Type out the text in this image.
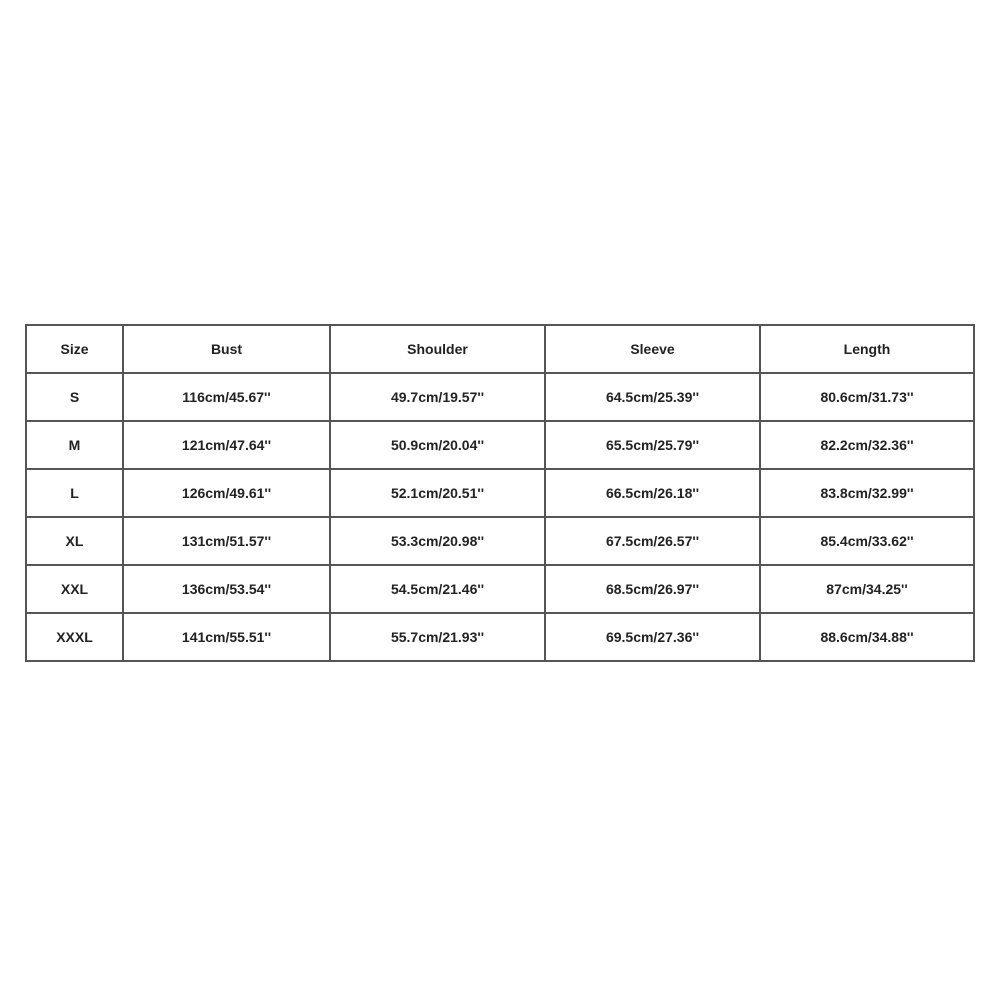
Size	Bust	Shoulder	Sleeve	Length
S	116cm/45.67''	49.7cm/19.57''	64.5cm/25.39''	80.6cm/31.73''
M	121cm/47.64''	50.9cm/20.04''	65.5cm/25.79''	82.2cm/32.36''
L	126cm/49.61''	52.1cm/20.51''	66.5cm/26.18''	83.8cm/32.99''
XL	131cm/51.57''	53.3cm/20.98''	67.5cm/26.57''	85.4cm/33.62''
XXL	136cm/53.54''	54.5cm/21.46''	68.5cm/26.97''	87cm/34.25''
XXXL	141cm/55.51''	55.7cm/21.93''	69.5cm/27.36''	88.6cm/34.88''
